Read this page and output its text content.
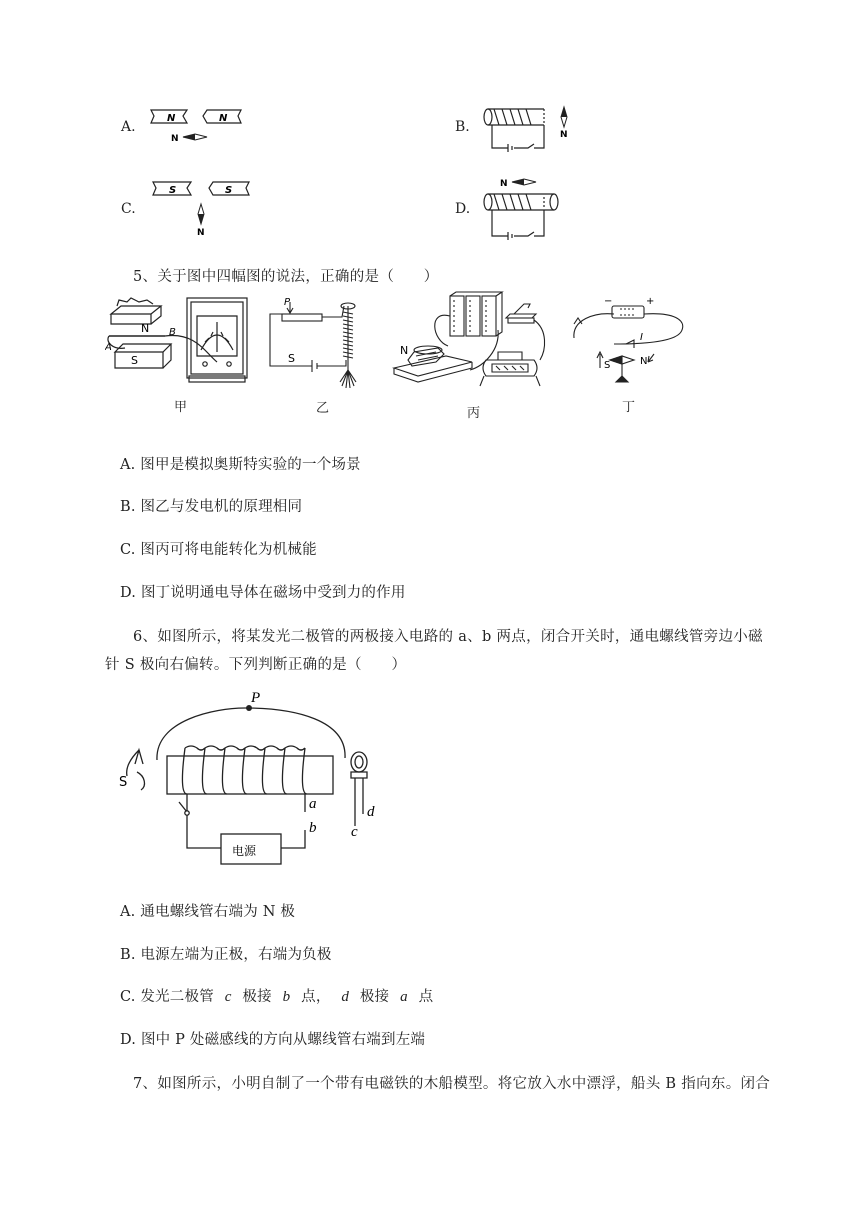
A.
N	N
N
B.	N
C.
S	S
N
D.
N
5、关于图中四幅图的说法，正确的是（　　）
N B
A
S
甲
P
S
乙
N
丙
−	+
I
S	N
丁
A. 图甲是模拟奥斯特实验的一个场景
B. 图乙与发电机的原理相同
C. 图丙可将电能转化为机械能
D. 图丁说明通电导体在磁场中受到力的作用
6、如图所示，将某发光二极管的两极接入电路的 a、b 两点，闭合开关时，通电螺线管旁边小磁
针 S 极向右偏转。下列判断正确的是（　　）
P
S
a
b c
d
电源
A. 通电螺线管右端为 N 极
B. 电源左端为正极，右端为负极
C. 发光二极管 c 极接 b 点， d 极接 a 点
D. 图中 P 处磁感线的方向从螺线管右端到左端
7、如图所示，小明自制了一个带有电磁铁的木船模型。将它放入水中漂浮，船头 B 指向东。闭合
